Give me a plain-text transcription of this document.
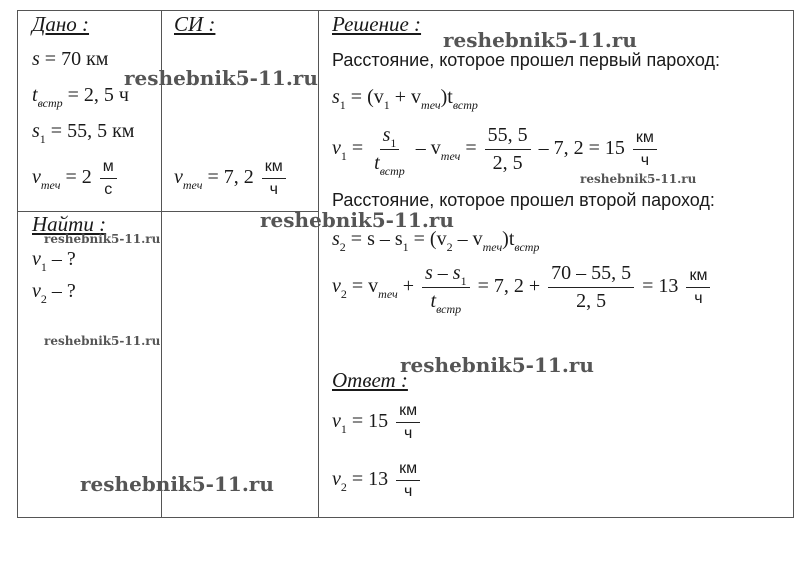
Дано :	СИ :	Решение :
Найти :
Ответ :
s = 70 км
$t_{встр} = 2$, 5 ч
$s_1 = 55$, 5 км
$v_{теч} = 2 \frac{м}{с}$	$v_{теч} = 7$, $2 \frac{км}{ч}$
$v_1$ – ?
$v_2$ – ?
Расстояние, которое прошел первый пароход:
$s_1 = (v_1 + v_{теч})t_{встр}$
$v_1 = \frac{s_1}{t_{встр}} - v_{теч} = \frac{55, 5}{2, 5} - 7$, $2 = 15 \frac{км}{ч}$
Расстояние, которое прошел второй пароход:
$s_2 = s - s_1 = (v_2 - v_{теч})t_{встр}$
$v_2 = v_{теч} + \frac{s - s_1}{t_{встр}} = 7$, $2 + \frac{70 - 55, 5}{2, 5} = 13 \frac{км}{ч}$
$v_1 = 15 \frac{км}{ч}$
$v_2 = 13 \frac{км}{ч}$
reshebnik5-11.ru
reshebnik5-11.ru
reshebnik5-11.ru
reshebnik5-11.ru
reshebnik5-11.ru
reshebnik5-11.ru
reshebnik5-11.ru
reshebnik5-11.ru
